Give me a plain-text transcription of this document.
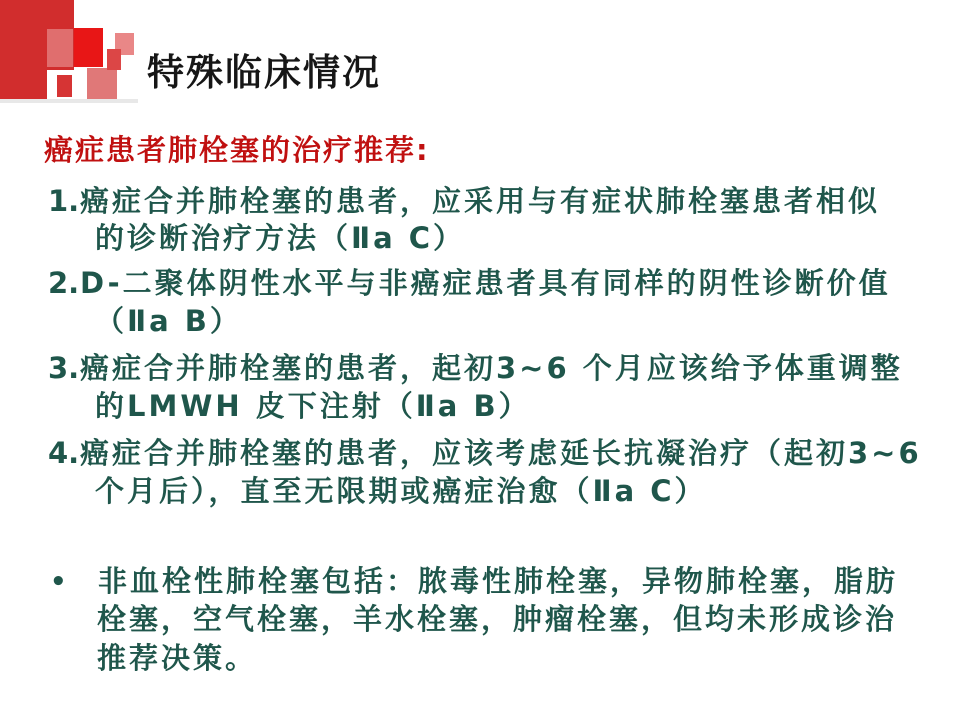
特殊临床情况
癌症患者肺栓塞的治疗推荐:
1.癌症合并肺栓塞的患者，应采用与有症状肺栓塞患者相似
的诊断治疗方法（Ⅱa C）
2.D-二聚体阴性水平与非癌症患者具有同样的阴性诊断价值
（Ⅱa B）
3.癌症合并肺栓塞的患者，起初3~6 个月应该给予体重调整
的LMWH 皮下注射（Ⅱa B）
4.癌症合并肺栓塞的患者，应该考虑延长抗凝治疗（起初3~6
个月后），直至无限期或癌症治愈（Ⅱa C）
• 非血栓性肺栓塞包括：脓毒性肺栓塞，异物肺栓塞，脂肪
栓塞，空气栓塞，羊水栓塞，肿瘤栓塞，但均未形成诊治
推荐决策。
